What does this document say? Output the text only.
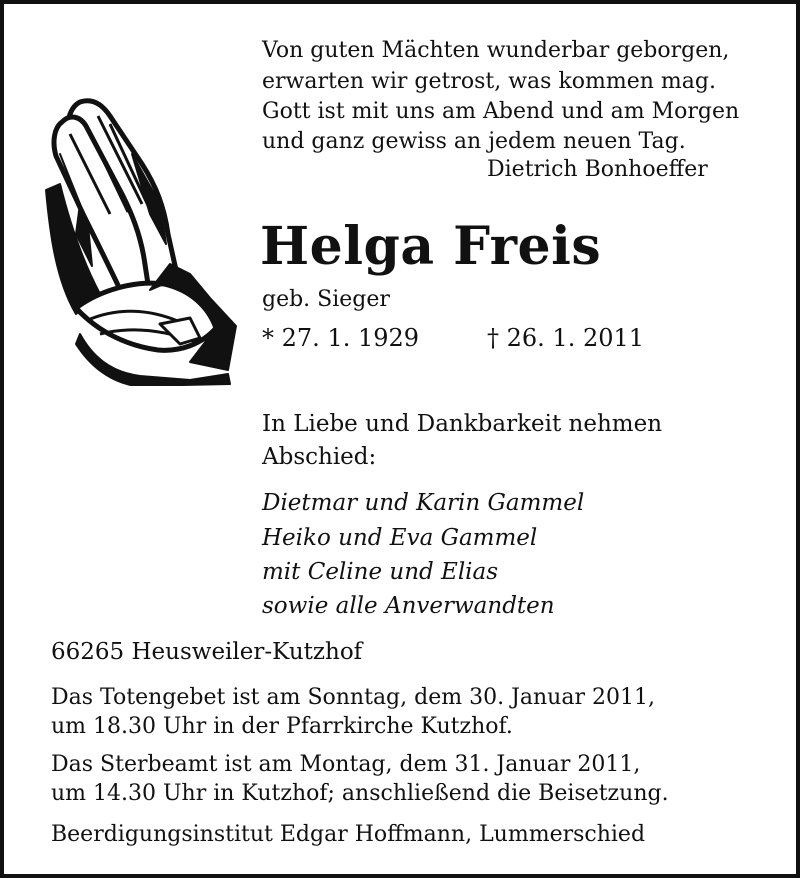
Von guten Mächten wunderbar geborgen,
erwarten wir getrost, was kommen mag.
Gott ist mit uns am Abend und am Morgen
und ganz gewiss an jedem neuen Tag.
Dietrich Bonhoeffer
Helga Freis
geb. Sieger
* 27. 1. 1929	† 26. 1. 2011
In Liebe und Dankbarkeit nehmen
Abschied:
Dietmar und Karin Gammel
Heiko und Eva Gammel
mit Celine und Elias
sowie alle Anverwandten
66265 Heusweiler-Kutzhof
Das Totengebet ist am Sonntag, dem 30. Januar 2011,
um 18.30 Uhr in der Pfarrkirche Kutzhof.
Das Sterbeamt ist am Montag, dem 31. Januar 2011,
um 14.30 Uhr in Kutzhof; anschließend die Beisetzung.
Beerdigungsinstitut Edgar Hoffmann, Lummerschied
